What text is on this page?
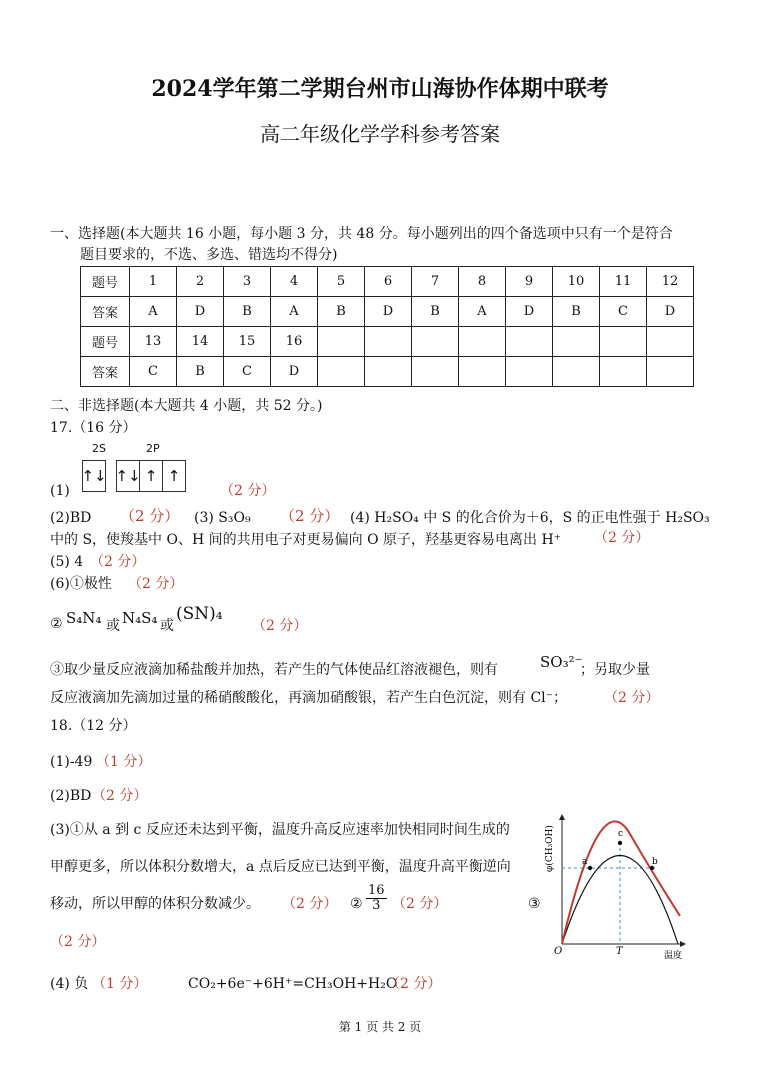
2024学年第二学期台州市山海协作体期中联考
高二年级化学学科参考答案
一、选择题(本大题共 16 小题，每小题 3 分，共 48 分。每小题列出的四个备选项中只有一个是符合
题目要求的，不选、多选、错选均不得分)
题号	1	2	3	4	5	6	7	8	9	10	11	12
答案	A	D	B	A	B	D	B	A	D	B	C	D
题号	13	14	15	16								
答案	C	B	C	D								
二、非选择题(本大题共 4 小题，共 52 分。)
17.（16 分）
2S	2P
↑↓ ↑↓ ↑ ↑
(1)	（2 分）
(2)BD （2 分） (3) S₃O₉ （2 分） (4) H₂SO₄ 中 S 的化合价为＋6，S 的正电性强于 H₂SO₃
中的 S，使羧基中 O、H 间的共用电子对更易偏向 O 原子，羟基更容易电离出 H⁺ （2 分）
(5) 4 （2 分）
(6)①极性 （2 分）
② S₄N₄ 或 N₄S₄ 或
(SN)₄
（2 分）
③取少量反应液滴加稀盐酸并加热，若产生的气体使品红溶液褪色，则有	SO₃²⁻
；另取少量
反应液滴加先滴加过量的稀硝酸酸化，再滴加硝酸银，若产生白色沉淀，则有 Cl⁻；	（2 分）
18.（12 分）
(1)-49 （1 分）
(2)BD （2 分）
(3)①从 a 到 c 反应还未达到平衡，温度升高反应速率加快相同时间生成的
甲醇更多，所以体积分数增大，a 点后反应已达到平衡，温度升高平衡逆向
移动，所以甲醇的体积分数减少。 （2 分） ② $\frac{16}{3} (2$ 分）	③
（2 分）
a
c
b
O	T	温度
φ(CH₃OH)
(4) 负 （1 分）	CO₂+6e⁻+6H⁺=CH₃OH+H₂O
（2 分）
第 1 页 共 2 页
